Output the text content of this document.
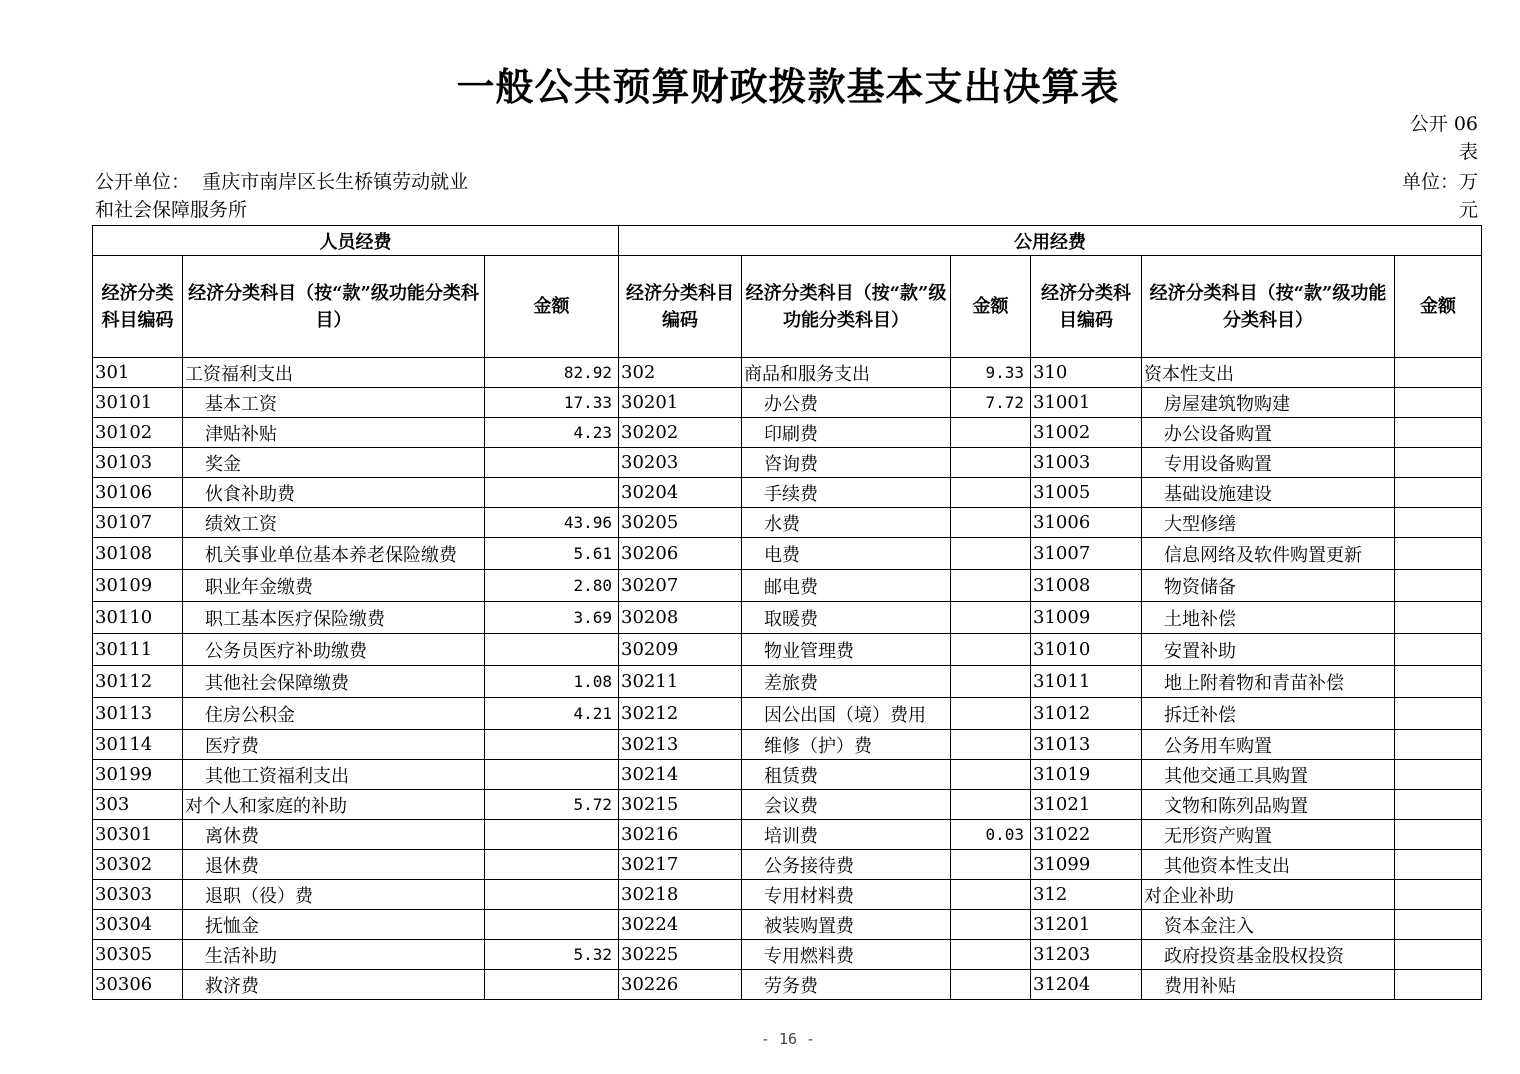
一般公共预算财政拨款基本支出决算表
公开 06 表
公开单位： 重庆市南岸区长生桥镇劳动就业和社会保障服务所
单位：万元
人员经费			公用经费					
经济分类科目编码	经济分类科目（按“款”级功能分类科目）	金额	经济分类科目编码	经济分类科目（按“款”级功能分类科目）	金额	经济分类科目编码	经济分类科目（按“款”级功能分类科目）	金额
301	工资福利支出	82.92	302	商品和服务支出	9.33	310	资本性支出	
30101	基本工资	17.33	30201	办公费	7.72	31001	房屋建筑物购建	
30102	津贴补贴	4.23	30202	印刷费		31002	办公设备购置	
30103	奖金		30203	咨询费		31003	专用设备购置	
30106	伙食补助费		30204	手续费		31005	基础设施建设	
30107	绩效工资	43.96	30205	水费		31006	大型修缮	
30108	机关事业单位基本养老保险缴费	5.61	30206	电费		31007	信息网络及软件购置更新	
30109	职业年金缴费	2.80	30207	邮电费		31008	物资储备	
30110	职工基本医疗保险缴费	3.69	30208	取暖费		31009	土地补偿	
30111	公务员医疗补助缴费		30209	物业管理费		31010	安置补助	
30112	其他社会保障缴费	1.08	30211	差旅费		31011	地上附着物和青苗补偿	
30113	住房公积金	4.21	30212	因公出国（境）费用		31012	拆迁补偿	
30114	医疗费		30213	维修（护）费		31013	公务用车购置	
30199	其他工资福利支出		30214	租赁费		31019	其他交通工具购置	
303	对个人和家庭的补助	5.72	30215	会议费		31021	文物和陈列品购置	
30301	离休费		30216	培训费	0.03	31022	无形资产购置	
30302	退休费		30217	公务接待费		31099	其他资本性支出	
30303	退职（役）费		30218	专用材料费		312	对企业补助	
30304	抚恤金		30224	被装购置费		31201	资本金注入	
30305	生活补助	5.32	30225	专用燃料费		31203	政府投资基金股权投资	
30306	救济费		30226	劳务费		31204	费用补贴	
- 16 -
